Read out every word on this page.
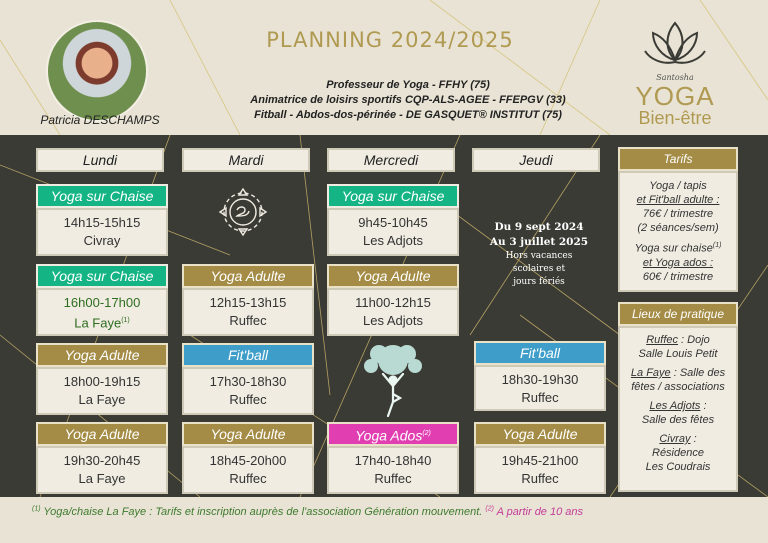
Patricia DESCHAMPS
PLANNING 2024/2025
Professeur de Yoga - FFHY (75)
Animatrice de loisirs sportifs CQP-ALS-AGEE - FFEPGV (33)
Fitball - Abdos-dos-périnée - DE GASQUET® INSTITUT (75)
Santosha
YOGA
Bien-être
Lundi	Mardi	Mercredi	Jeudi
Yoga sur Chaise
14h15-15h15
Civray
Yoga sur Chaise
16h00-17h00
La Faye$^{(1)}$
Yoga Adulte
18h00-19h15
La Faye
Yoga Adulte
19h30-20h45
La Faye
Yoga Adulte
12h15-13h15
Ruffec
Fit'ball
17h30-18h30
Ruffec
Yoga Adulte
18h45-20h00
Ruffec
Yoga sur Chaise
9h45-10h45
Les Adjots
Yoga Adulte
11h00-12h15
Les Adjots
Yoga Ados$^{(2)}$
17h40-18h40
Ruffec
Du 9 sept 2024
Au 3 juillet 2025
Hors vacances
scolaires et
jours fériés
Fit'ball
18h30-19h30
Ruffec
Yoga Adulte
19h45-21h00
Ruffec
Tarifs
Yoga / tapis
et Fit'ball adulte :
76€ / trimestre
(2 séances/sem)
Yoga sur chaise$^{(1)}$
et Yoga ados :
60€ / trimestre
Lieux de pratique
Ruffec : Dojo
Salle Louis Petit
La Faye : Salle des
fêtes / associations
Les Adjots :
Salle des fêtes
Civray :
Résidence
Les Coudrais
$^{(1)}$ Yoga/chaise La Faye : Tarifs et inscription auprès de l'association Génération mouvement. $^{(2)}$ A partir de 10 ans
